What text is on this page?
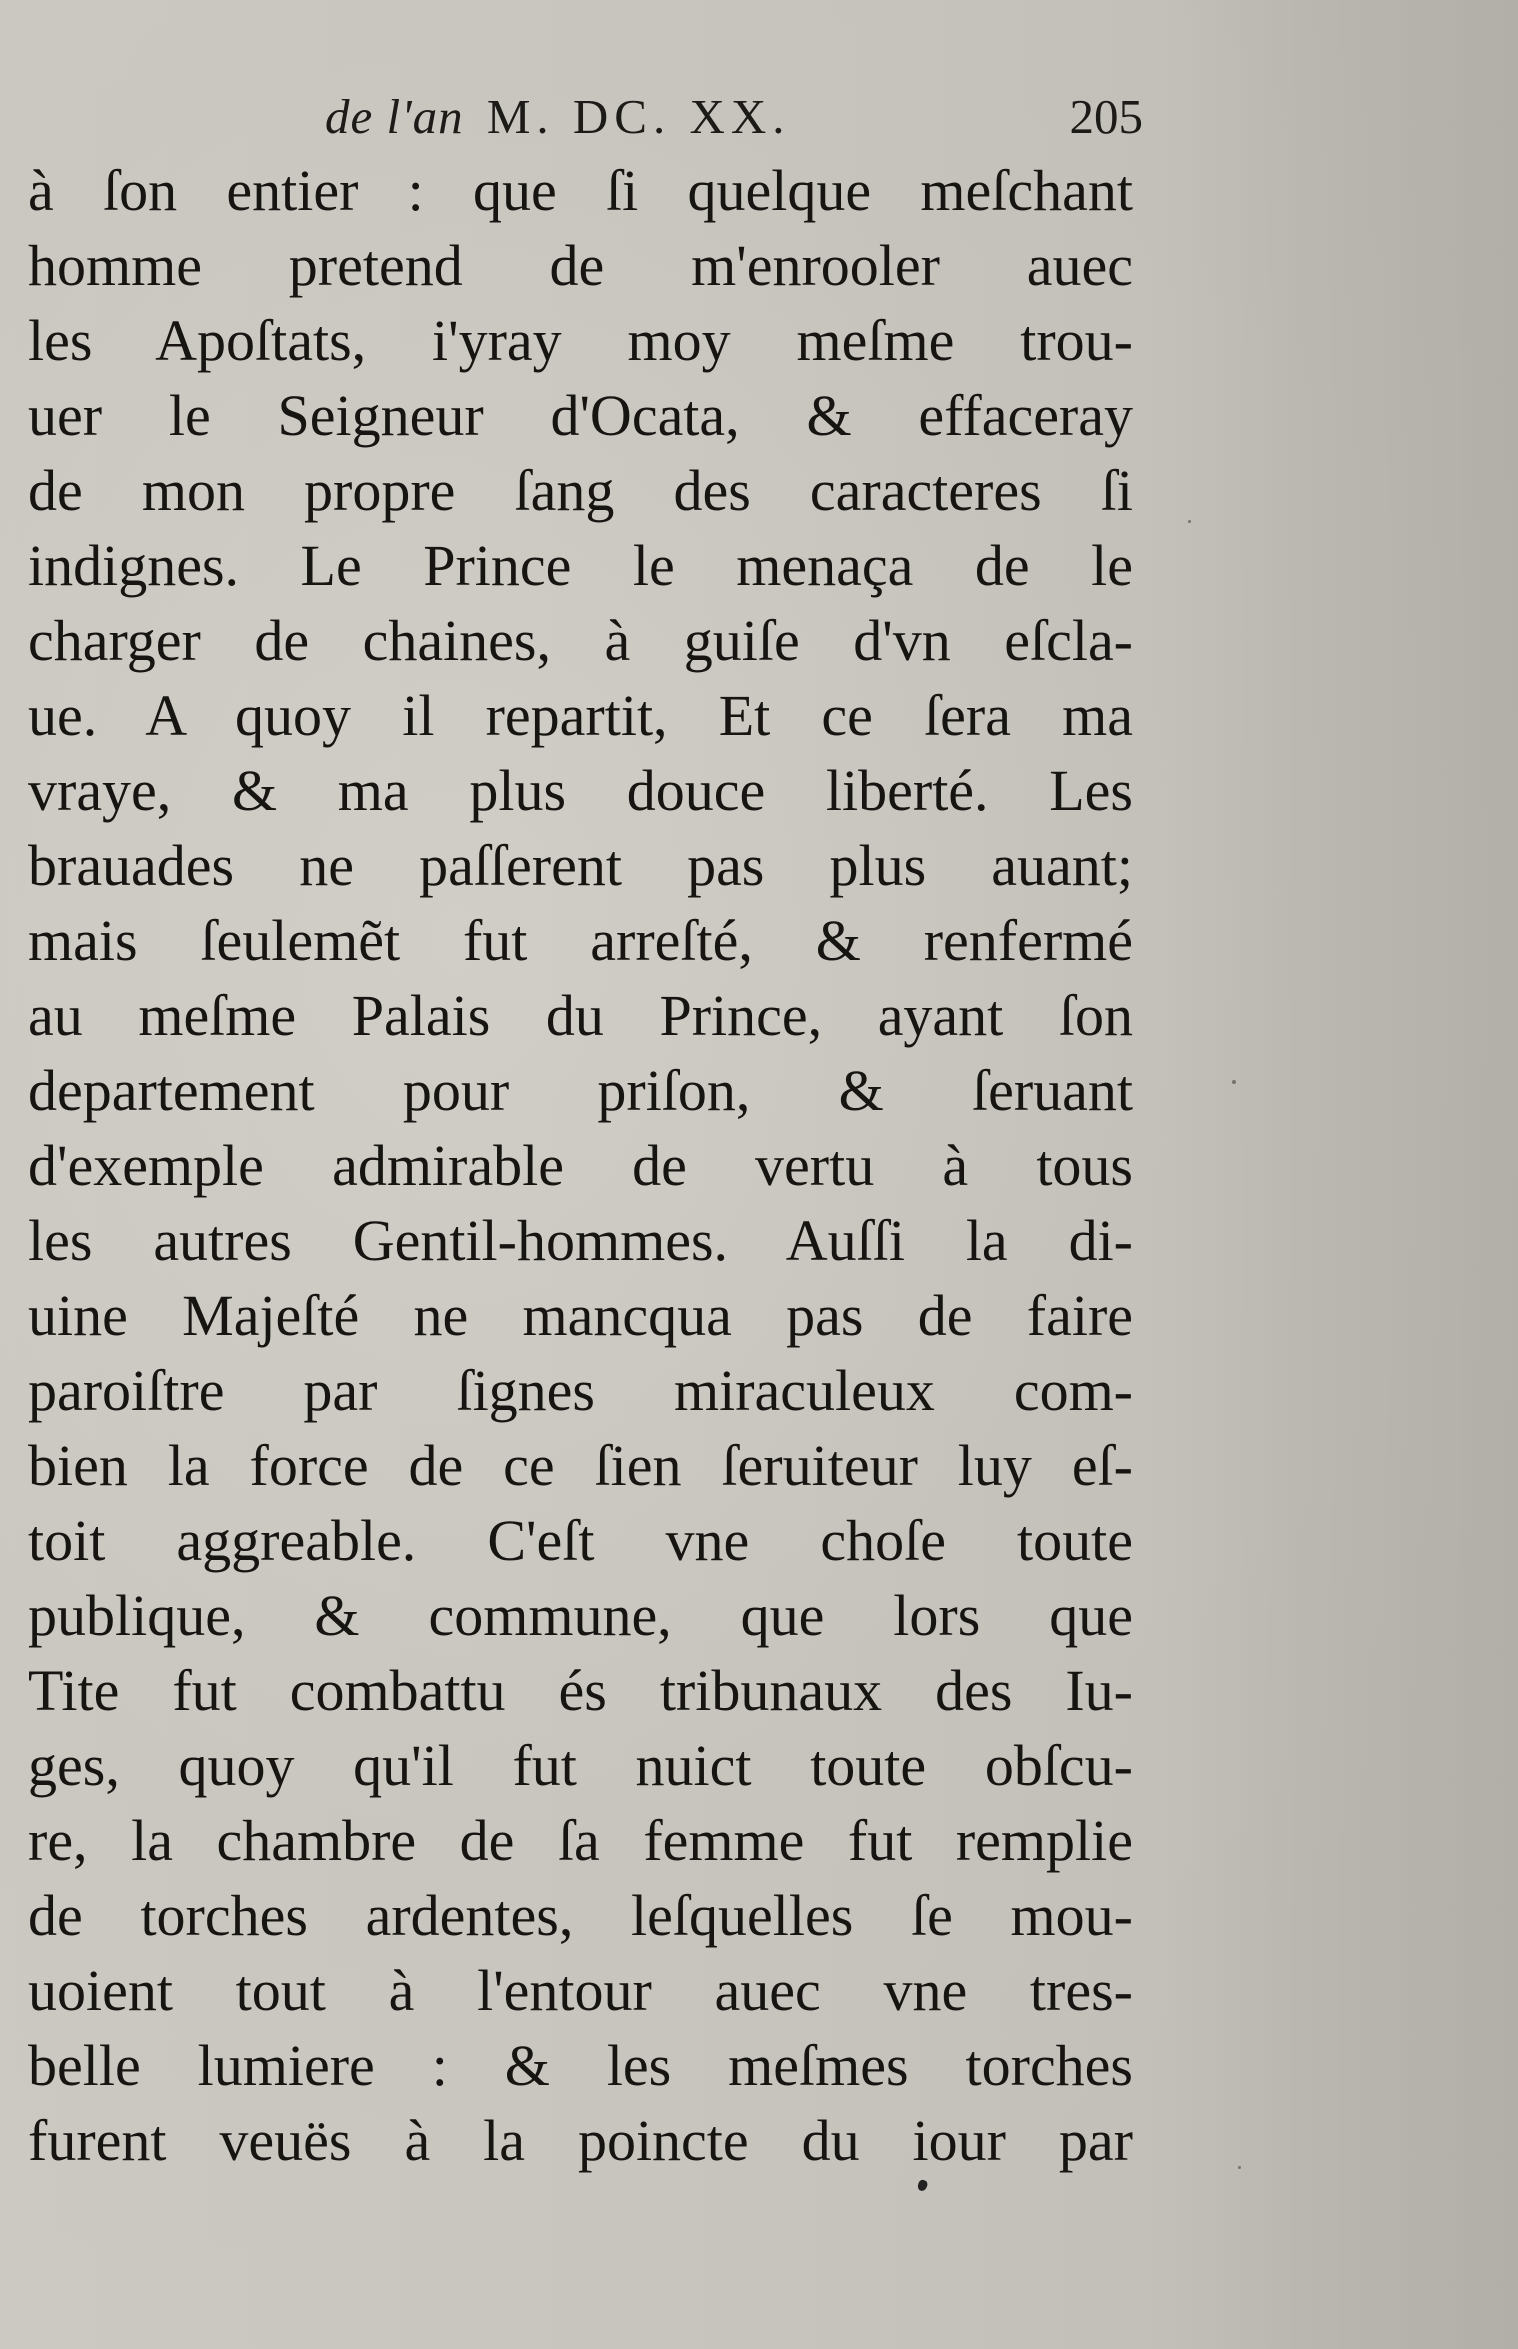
de l'an M. DC. XX.	205
à ſon entier : que ſi quelque meſchant
homme pretend de m'enrooler auec
les Apoſtats, i'yray moy meſme trou-
uer le Seigneur d'Ocata, & effaceray
de mon propre ſang des caracteres ſi
indignes. Le Prince le menaça de le
charger de chaines, à guiſe d'vn eſcla-
ue. A quoy il repartit, Et ce ſera ma
vraye, & ma plus douce liberté. Les
brauades ne paſſerent pas plus auant;
mais ſeulemẽt fut arreſté, & renfermé
au meſme Palais du Prince, ayant ſon
departement pour priſon, & ſeruant
d'exemple admirable de vertu à tous
les autres Gentil-hommes. Auſſi la di-
uine Majeſté ne mancqua pas de faire
paroiſtre par ſignes miraculeux com-
bien la force de ce ſien ſeruiteur luy eſ-
toit aggreable. C'eſt vne choſe toute
publique, & commune, que lors que
Tite fut combattu és tribunaux des Iu-
ges, quoy qu'il fut nuict toute obſcu-
re, la chambre de ſa femme fut remplie
de torches ardentes, leſquelles ſe mou-
uoient tout à l'entour auec vne tres-
belle lumiere : & les meſmes torches
furent veuës à la poincte du iour par
